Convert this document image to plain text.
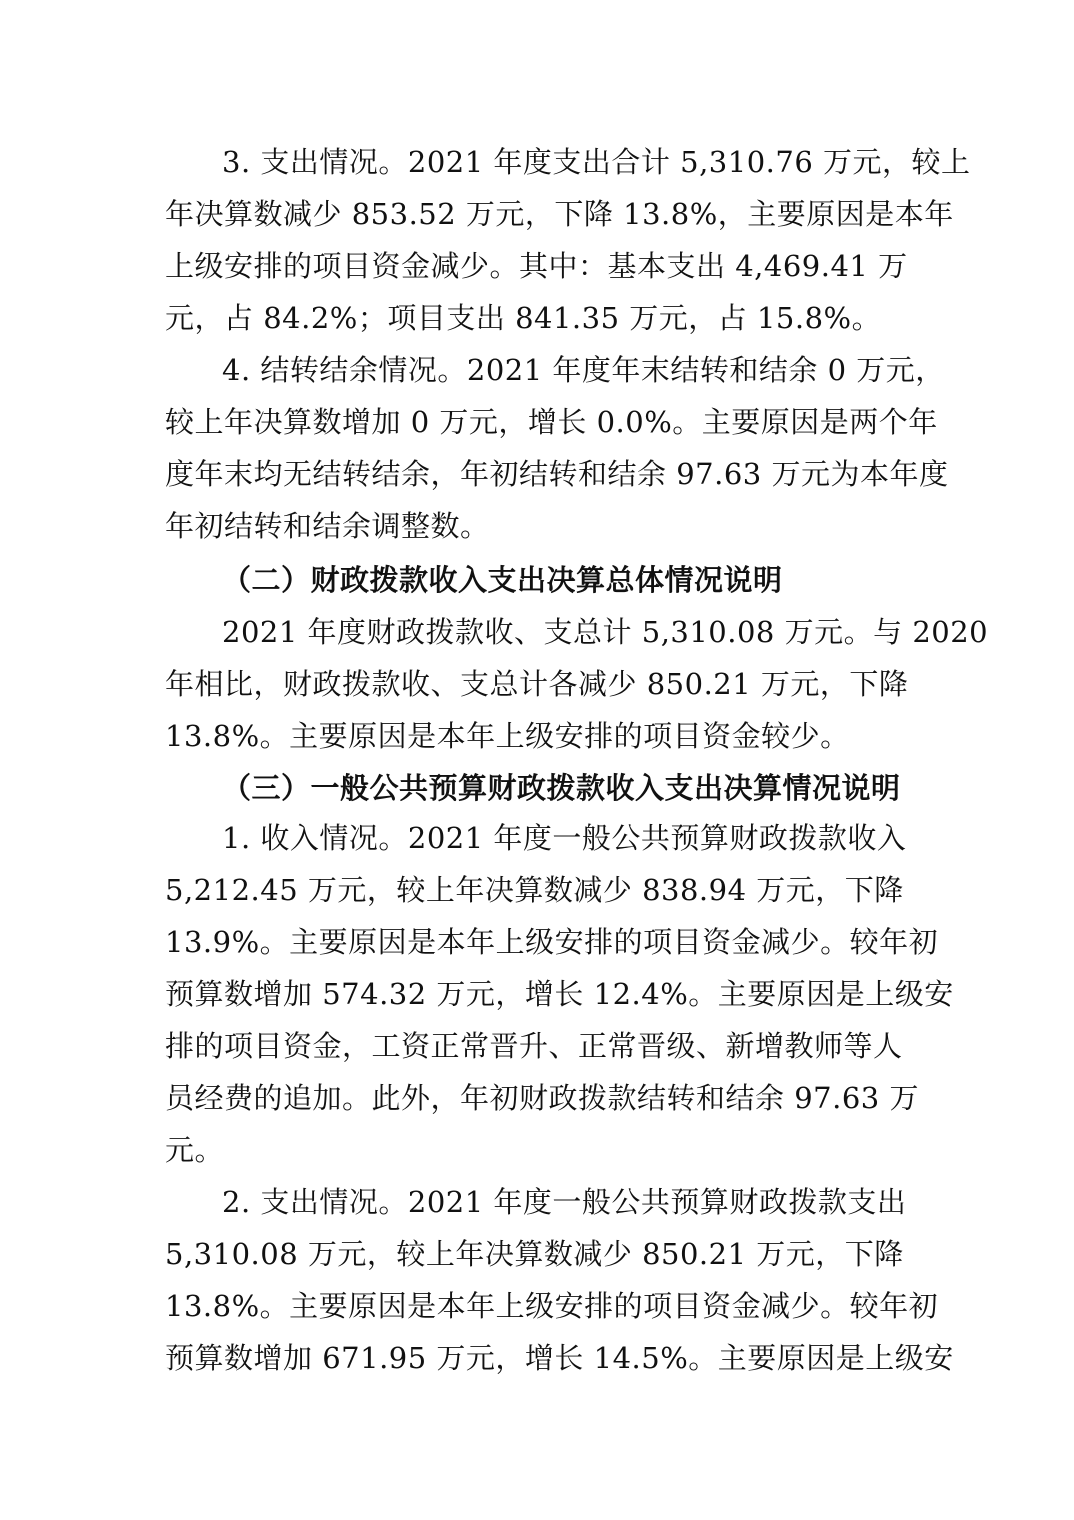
3. 支出情况。2021 年度支出合计 5,310.76 万元，较上
年决算数减少 853.52 万元，下降 13.8%，主要原因是本年
上级安排的项目资金减少。其中：基本支出 4,469.41 万
元，占 84.2%；项目支出 841.35 万元，占 15.8%。
4. 结转结余情况。2021 年度年末结转和结余 0 万元，
较上年决算数增加 0 万元，增长 0.0%。主要原因是两个年
度年末均无结转结余，年初结转和结余 97.63 万元为本年度
年初结转和结余调整数。
（二）财政拨款收入支出决算总体情况说明
2021 年度财政拨款收、支总计 5,310.08 万元。与 2020
年相比，财政拨款收、支总计各减少 850.21 万元，下降
13.8%。主要原因是本年上级安排的项目资金较少。
（三）一般公共预算财政拨款收入支出决算情况说明
1. 收入情况。2021 年度一般公共预算财政拨款收入
5,212.45 万元，较上年决算数减少 838.94 万元，下降
13.9%。主要原因是本年上级安排的项目资金减少。较年初
预算数增加 574.32 万元，增长 12.4%。主要原因是上级安
排的项目资金，工资正常晋升、正常晋级、新增教师等人
员经费的追加。此外，年初财政拨款结转和结余 97.63 万
元。
2. 支出情况。2021 年度一般公共预算财政拨款支出
5,310.08 万元，较上年决算数减少 850.21 万元，下降
13.8%。主要原因是本年上级安排的项目资金减少。较年初
预算数增加 671.95 万元，增长 14.5%。主要原因是上级安
